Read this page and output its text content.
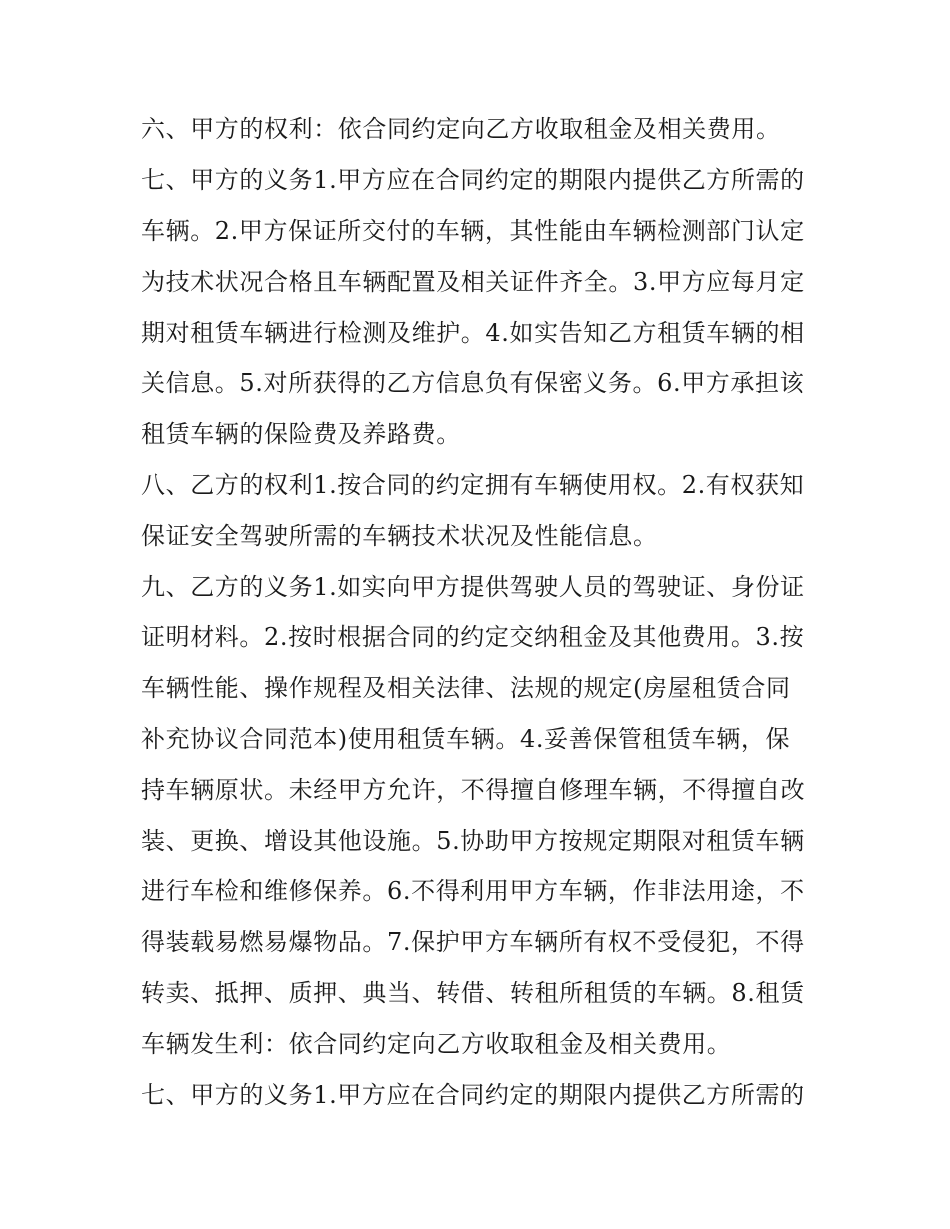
六、甲方的权利：依合同约定向乙方收取租金及相关费用。
七、甲方的义务1.甲方应在合同约定的期限内提供乙方所需的
车辆。2.甲方保证所交付的车辆，其性能由车辆检测部门认定
为技术状况合格且车辆配置及相关证件齐全。3.甲方应每月定
期对租赁车辆进行检测及维护。4.如实告知乙方租赁车辆的相
关信息。5.对所获得的乙方信息负有保密义务。6.甲方承担该
租赁车辆的保险费及养路费。
八、乙方的权利1.按合同的约定拥有车辆使用权。2.有权获知
保证安全驾驶所需的车辆技术状况及性能信息。
九、乙方的义务1.如实向甲方提供驾驶人员的驾驶证、身份证
证明材料。2.按时根据合同的约定交纳租金及其他费用。3.按
车辆性能、操作规程及相关法律、法规的规定(房屋租赁合同
补充协议合同范本)使用租赁车辆。4.妥善保管租赁车辆，保
持车辆原状。未经甲方允许，不得擅自修理车辆，不得擅自改
装、更换、增设其他设施。5.协助甲方按规定期限对租赁车辆
进行车检和维修保养。6.不得利用甲方车辆，作非法用途，不
得装载易燃易爆物品。7.保护甲方车辆所有权不受侵犯，不得
转卖、抵押、质押、典当、转借、转租所租赁的车辆。8.租赁
车辆发生利：依合同约定向乙方收取租金及相关费用。
七、甲方的义务1.甲方应在合同约定的期限内提供乙方所需的
